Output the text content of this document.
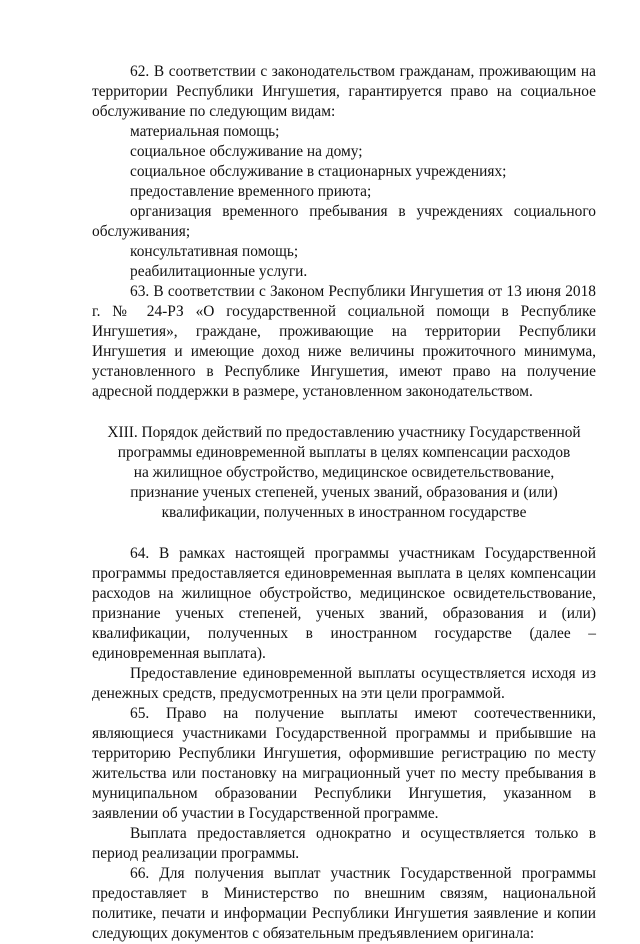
62. В соответствии с законодательством гражданам, проживающим на территории Республики Ингушетия, гарантируется право на социальное обслуживание по следующим видам:

материальная помощь;

социальное обслуживание на дому;

социальное обслуживание в стационарных учреждениях;

предоставление временного приюта;

организация временного пребывания в учреждениях социального обслуживания;

консультативная помощь;

реабилитационные услуги.

63. В соответствии с Законом Республики Ингушетия от 13 июня 2018 г. № 24-РЗ «О государственной социальной помощи в Республике Ингушетия», граждане, проживающие на территории Республики Ингушетия и имеющие доход ниже величины прожиточного минимума, установленного в Республике Ингушетия, имеют право на получение адресной поддержки в размере, установленном законодательством.

XIII. Порядок действий по предоставлению участнику Государственной
программы единовременной выплаты в целях компенсации расходов
на жилищное обустройство, медицинское освидетельствование,
признание ученых степеней, ученых званий, образования и (или)
квалификации, полученных в иностранном государстве

64. В рамках настоящей программы участникам Государственной программы предоставляется единовременная выплата в целях компенсации расходов на жилищное обустройство, медицинское освидетельствование, признание ученых степеней, ученых званий, образования и (или) квалификации, полученных в иностранном государстве (далее – единовременная выплата).

Предоставление единовременной выплаты осуществляется исходя из денежных средств, предусмотренных на эти цели программой.

65. Право на получение выплаты имеют соотечественники, являющиеся участниками Государственной программы и прибывшие на территорию Республики Ингушетия, оформившие регистрацию по месту жительства или постановку на миграционный учет по месту пребывания в муниципальном образовании Республики Ингушетия, указанном в заявлении об участии в Государственной программе.

Выплата предоставляется однократно и осуществляется только в период реализации программы.

66. Для получения выплат участник Государственной программы предоставляет в Министерство по внешним связям, национальной политике, печати и информации Республики Ингушетия заявление и копии следующих документов с обязательным предъявлением оригинала:
